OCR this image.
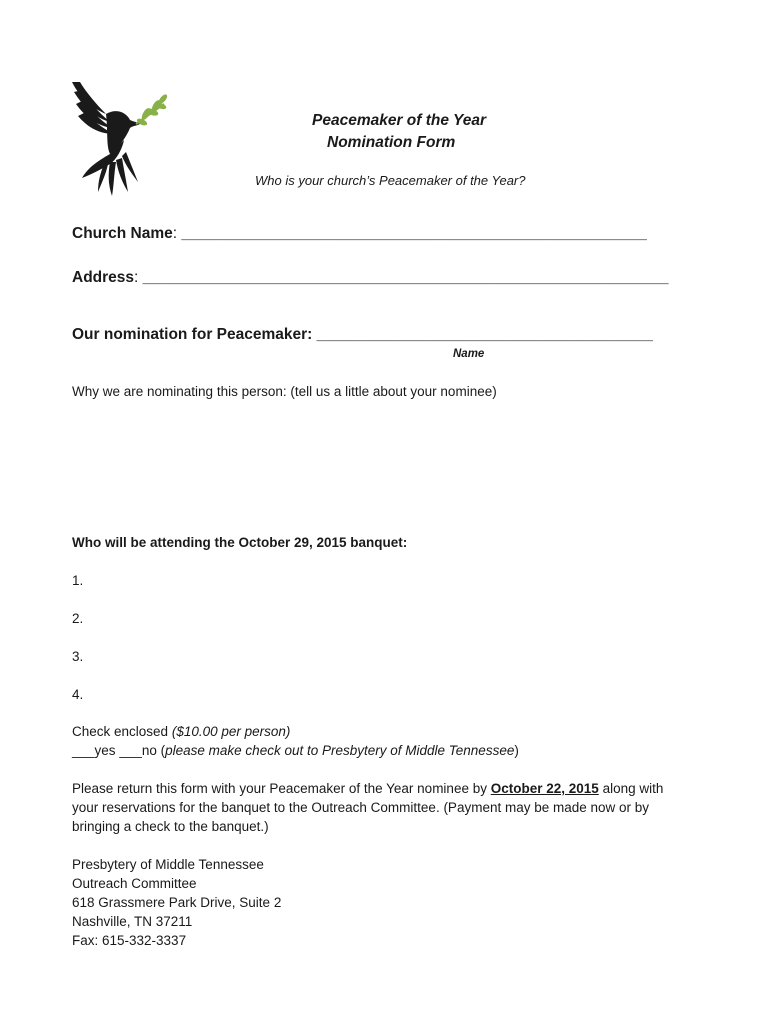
Peacemaker of the Year
Nomination Form
Who is your church’s Peacemaker of the Year?
Church Name: ______________________________________________________
Address: _____________________________________________________________
Our nomination for Peacemaker: _______________________________________
Name
Why we are nominating this person: (tell us a little about your nominee)
Who will be attending the October 29, 2015 banquet:
1.
2.
3.
4.
Check enclosed ($10.00 per person)
___yes ___no (please make check out to Presbytery of Middle Tennessee)
Please return this form with your Peacemaker of the Year nominee by October 22, 2015 along with
your reservations for the banquet to the Outreach Committee. (Payment may be made now or by
bringing a check to the banquet.)
Presbytery of Middle Tennessee
Outreach Committee
618 Grassmere Park Drive, Suite 2
Nashville, TN 37211
Fax: 615-332-3337
